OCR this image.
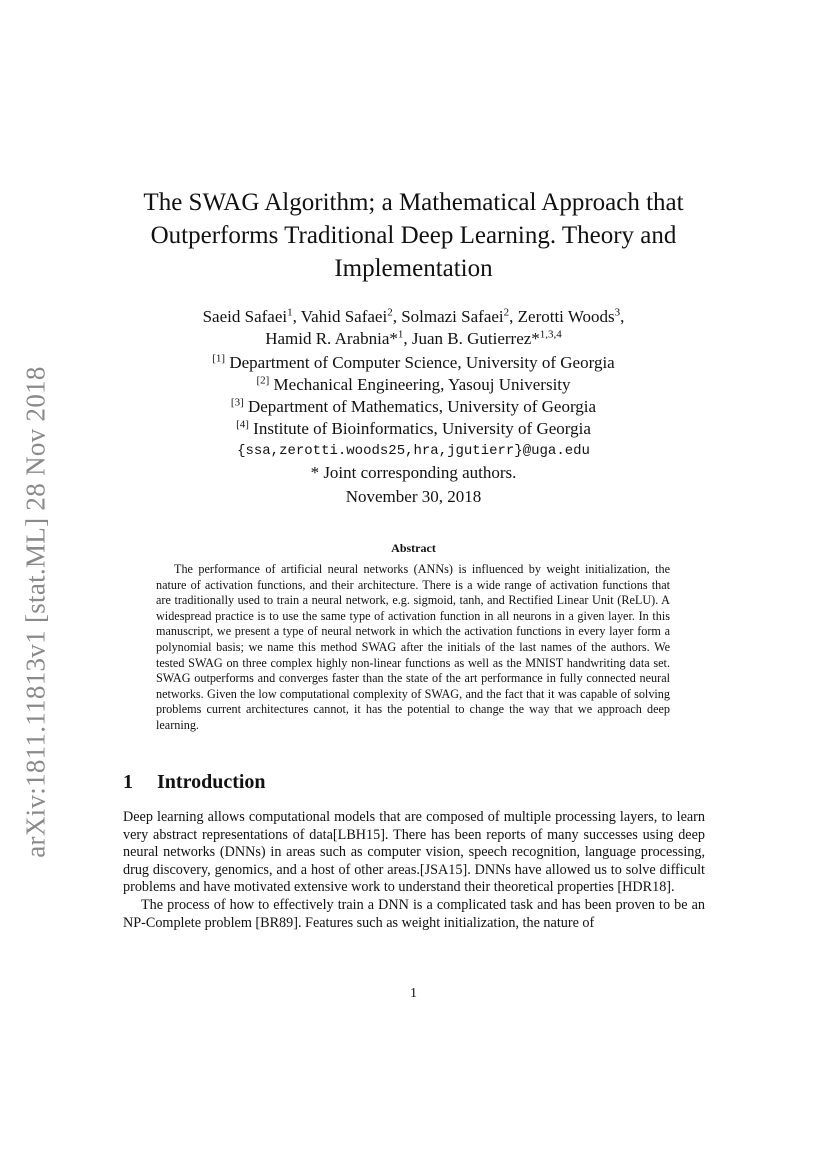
arXiv:1811.11813v1 [stat.ML] 28 Nov 2018
The SWAG Algorithm; a Mathematical Approach that
Outperforms Traditional Deep Learning. Theory and
Implementation
Saeid Safaei$^1$, Vahid Safaei$^2$, Solmazi Safaei$^2$, Zerotti Woods$^3$,
Hamid R. Arabnia*$^1$, Juan B. Gutierrez*$^{1,3,4}$
[1] Department of Computer Science, University of Georgia
[2] Mechanical Engineering, Yasouj University
[3] Department of Mathematics, University of Georgia
[4] Institute of Bioinformatics, University of Georgia
{ssa,zerotti.woods25,hra,jgutierr}@uga.edu
* Joint corresponding authors.
November 30, 2018
Abstract
The performance of artificial neural networks (ANNs) is influenced by weight initialization, the nature of activation functions, and their architecture. There is a wide range of activation functions that are traditionally used to train a neural network, e.g. sigmoid, tanh, and Rectified Linear Unit (ReLU). A widespread practice is to use the same type of activation function in all neurons in a given layer. In this manuscript, we present a type of neural network in which the activation functions in every layer form a polynomial basis; we name this method SWAG after the initials of the last names of the authors. We tested SWAG on three complex highly non-linear functions as well as the MNIST handwriting data set. SWAG outperforms and converges faster than the state of the art performance in fully connected neural networks. Given the low computational complexity of SWAG, and the fact that it was capable of solving problems current architectures cannot, it has the potential to change the way that we approach deep learning.
1 Introduction

Deep learning allows computational models that are composed of multiple processing layers, to learn very abstract representations of data[LBH15]. There has been reports of many successes using deep neural networks (DNNs) in areas such as computer vision, speech recognition, language processing, drug discovery, genomics, and a host of other areas.[JSA15]. DNNs have allowed us to solve difficult problems and have motivated extensive work to understand their theoretical properties [HDR18].

The process of how to effectively train a DNN is a complicated task and has been proven to be an NP-Complete problem [BR89]. Features such as weight initialization, the nature of

1
